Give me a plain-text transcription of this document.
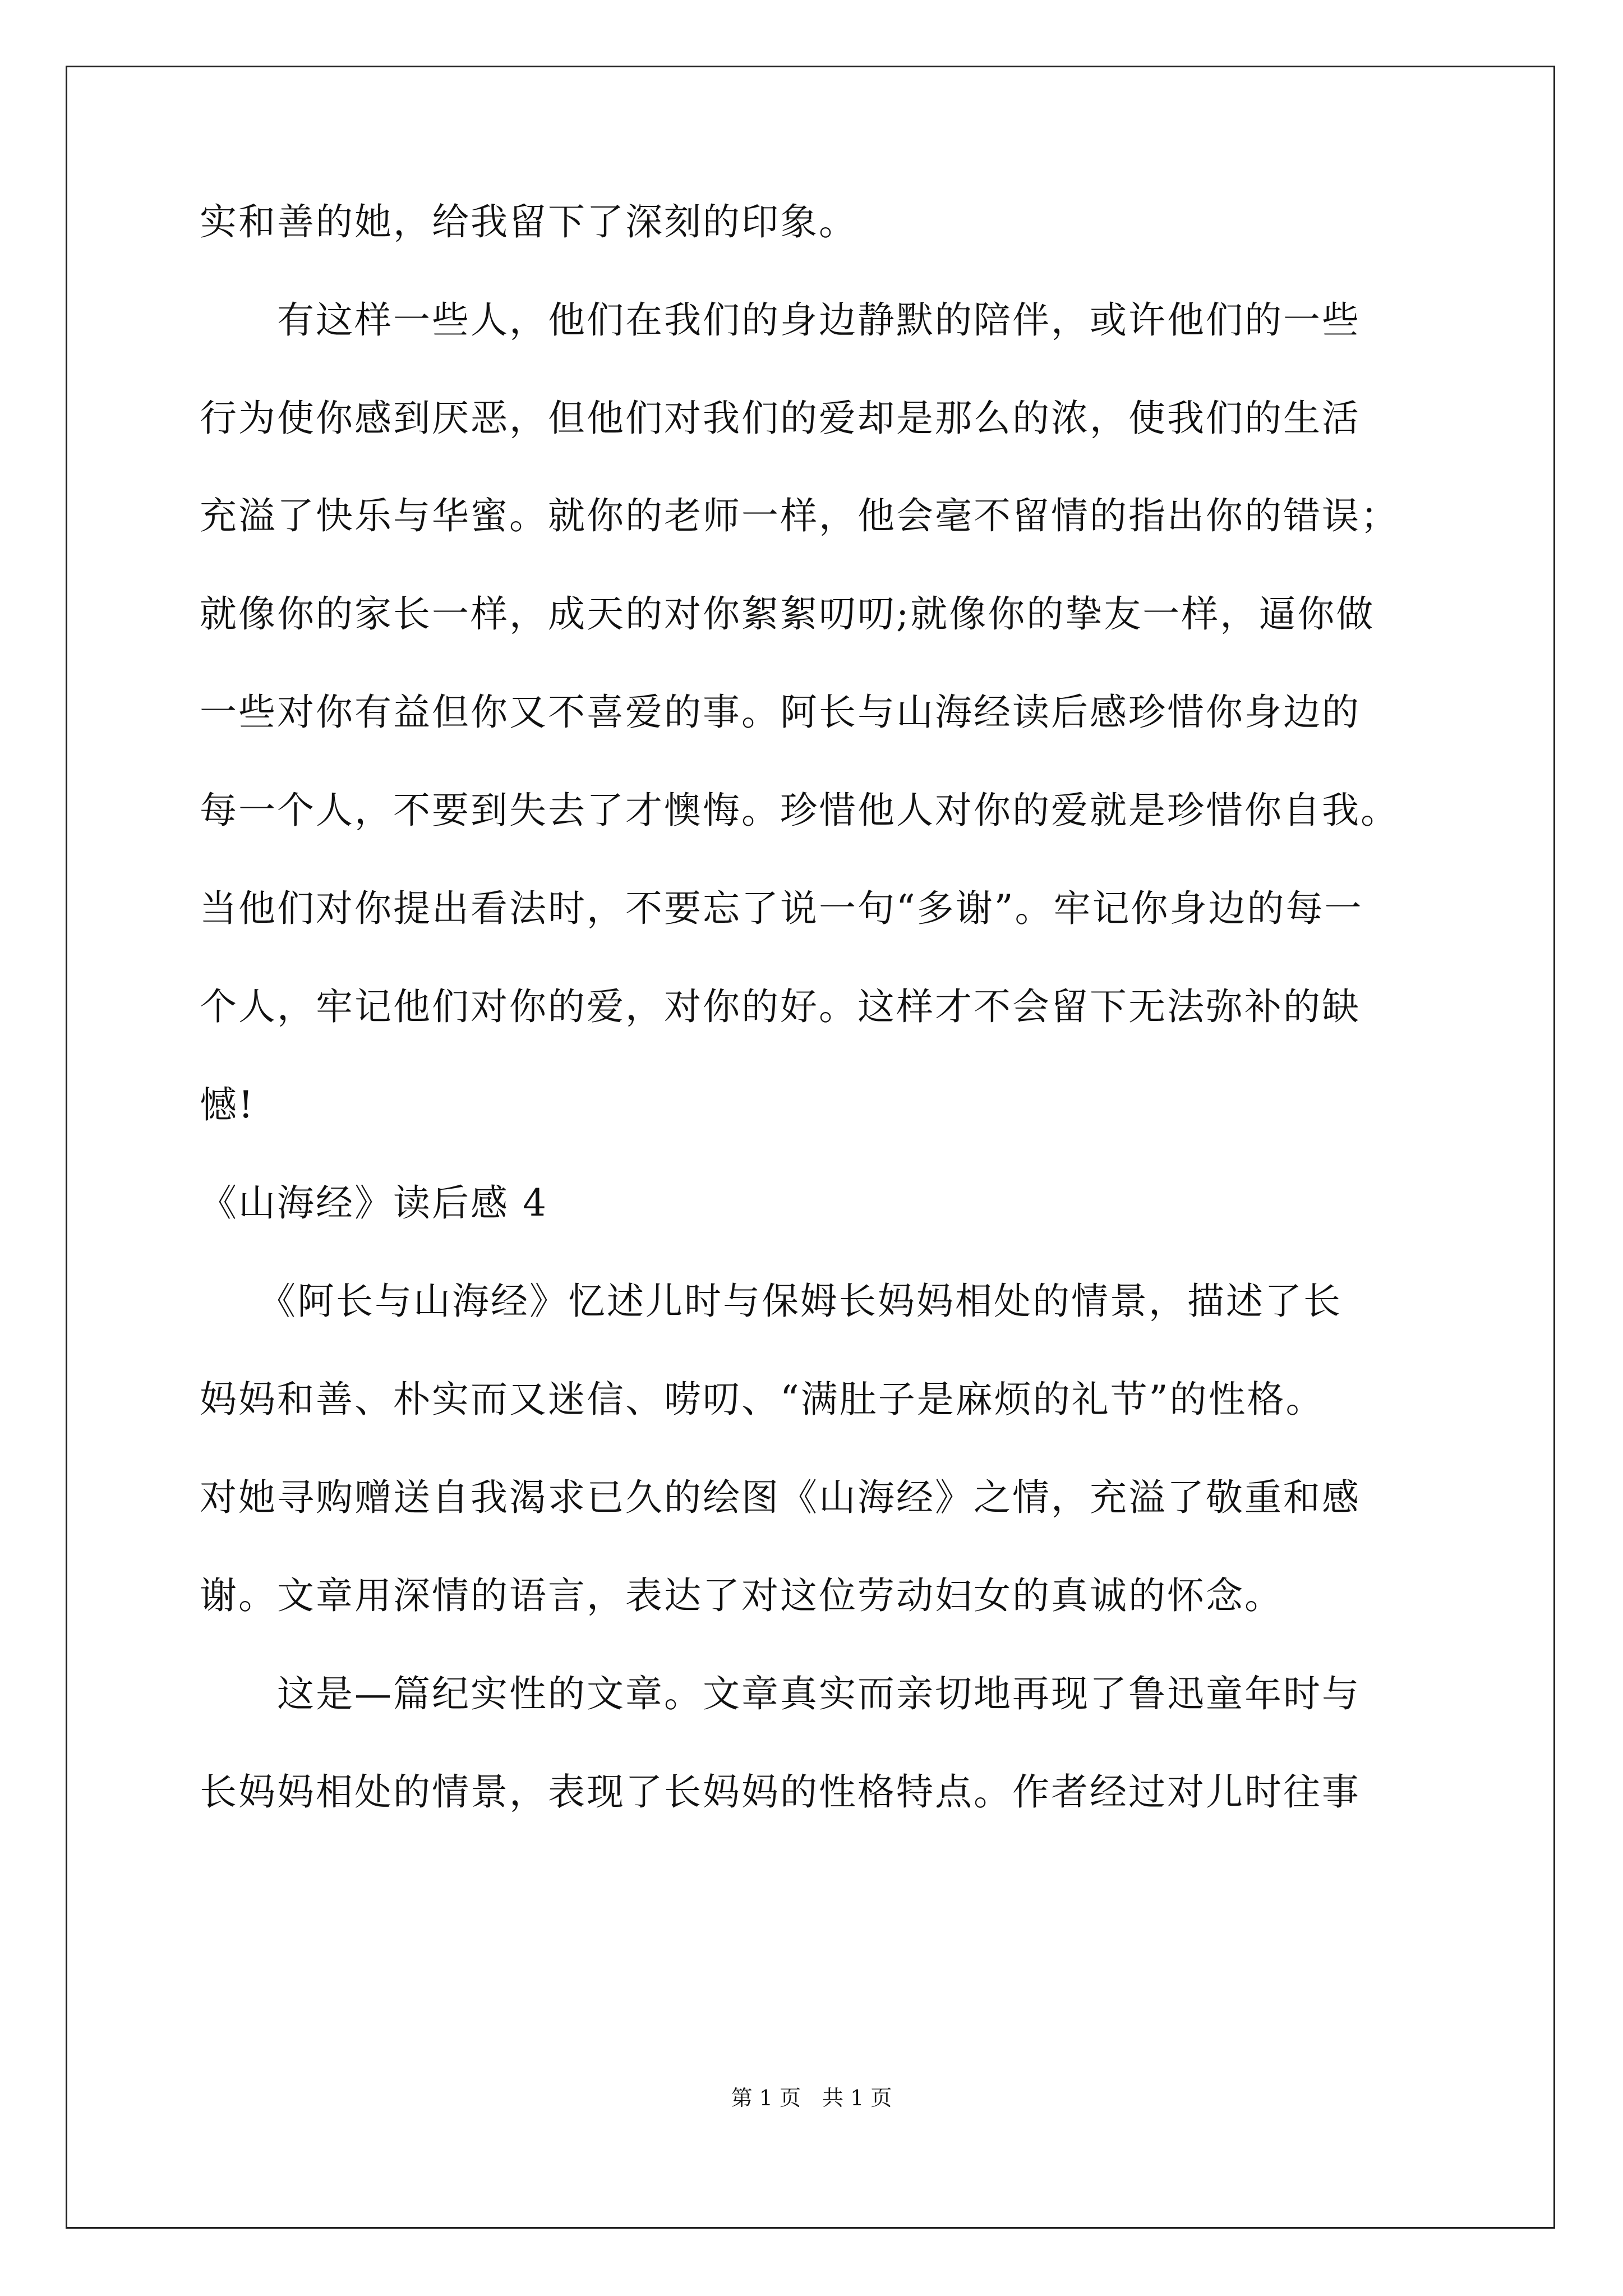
实和善的她，给我留下了深刻的印象。
　　有这样一些人，他们在我们的身边静默的陪伴，或许他们的一些
行为使你感到厌恶，但他们对我们的爱却是那么的浓，使我们的生活
充溢了快乐与华蜜。就你的老师一样，他会毫不留情的指出你的错误；
就像你的家长一样，成天的对你絮絮叨叨;就像你的挚友一样，逼你做
一些对你有益但你又不喜爱的事。阿长与山海经读后感珍惜你身边的
每一个人，不要到失去了才懊悔。珍惜他人对你的爱就是珍惜你自我。
当他们对你提出看法时，不要忘了说一句“多谢”。牢记你身边的每一
个人，牢记他们对你的爱，对你的好。这样才不会留下无法弥补的缺
憾!
《山海经》读后感 4
　　《阿长与山海经》忆述儿时与保姆长妈妈相处的情景，描述了长
妈妈和善、朴实而又迷信、唠叨、“满肚子是麻烦的礼节”的性格。
对她寻购赠送自我渴求已久的绘图《山海经》之情，充溢了敬重和感
谢。文章用深情的语言，表达了对这位劳动妇女的真诚的怀念。
　　这是—篇纪实性的文章。文章真实而亲切地再现了鲁迅童年时与
长妈妈相处的情景，表现了长妈妈的性格特点。作者经过对儿时往事
第 1 页　共 1 页
